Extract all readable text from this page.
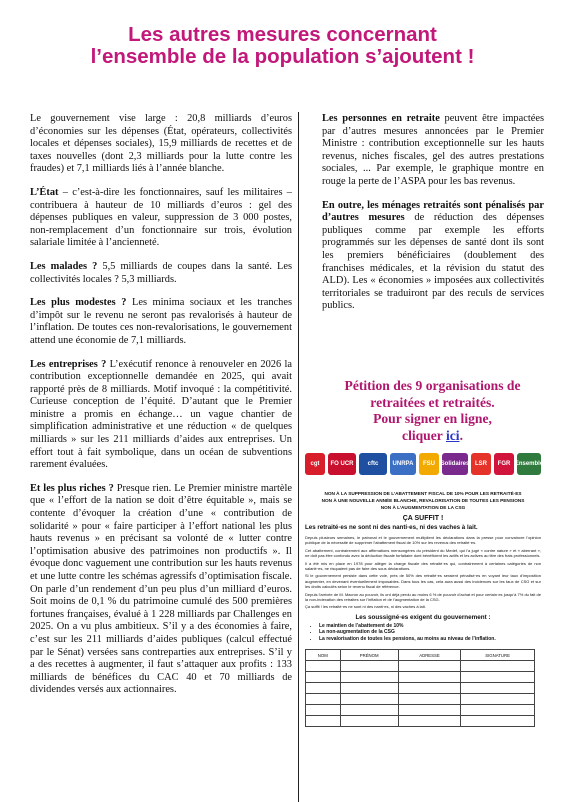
Les autres mesures concernant
l’ensemble de la population s’ajoutent !

Le gouvernement vise large : 20,8 milliards d’euros d’économies sur les dépenses (État, opérateurs, collectivités locales et dépenses sociales), 15,9 milliards de recettes et de taxes nouvelles (dont 2,3 milliards pour la lutte contre les fraudes) et 7,1 milliards liés à l’année blanche.

L’État – c’est-à-dire les fonctionnaires, sauf les militaires – contribuera à hauteur de 10 milliards d’euros : gel des dépenses publiques en valeur, suppression de 3 000 postes, non-remplacement d’un fonctionnaire sur trois, évolution salariale limitée à l’ancienneté.

Les malades ? 5,5 milliards de coupes dans la santé. Les collectivités locales ? 5,3 milliards.

Les plus modestes ? Les minima sociaux et les tranches d’impôt sur le revenu ne seront pas revalorisés à hauteur de l’inflation. De toutes ces non-revalorisations, le gouvernement attend une économie de 7,1 milliards.

Les entreprises ? L’exécutif renonce à renouveler en 2026 la contribution exceptionnelle demandée en 2025, qui avait rapporté près de 8 milliards. Motif invoqué : la compétitivité. Curieuse conception de l’équité. D’autant que le Premier ministre a promis en échange… un vague chantier de simplification administrative et une réduction « de quelques milliards » sur les 211 milliards d’aides aux entreprises. Un effort tout à fait symbolique, dans un océan de subventions rarement évaluées.

Et les plus riches ? Presque rien. Le Premier ministre martèle que « l’effort de la nation se doit d’être équitable », mais se contente d’évoquer la création d’une « contribution de solidarité » pour « faire participer à l’effort national les plus hauts revenus » en précisant sa volonté de « lutter contre l’optimisation abusive des patrimoines non productifs ». Il évoque donc vaguement une contribution sur les hauts revenus et une lutte contre les schémas agressifs d’optimisation fiscale. On parle d’un rendement d’un peu plus d’un milliard d’euros. Soit moins de 0,1 % du patrimoine cumulé des 500 premières fortunes françaises, évalué à 1 228 milliards par Challenges en 2025. On a vu plus ambitieux. S’il y a des économies à faire, c’est sur les 211 milliards d’aides publiques (calcul effectué par le Sénat) versées sans contreparties aux entreprises. S’il y a des recettes à augmenter, il faut s’attaquer aux profits : 133 milliards de bénéfices du CAC 40 et 70 milliards de dividendes versés aux actionnaires.

Les personnes en retraite peuvent être impactées par d’autres mesures annoncées par le Premier Ministre : contribution exceptionnelle sur les hauts revenus, niches fiscales, gel des autres prestations sociales, ... Par exemple, le graphique montre en rouge la perte de l’ASPA pour les bas revenus.

En outre, les ménages retraités sont pénalisés par d’autres mesures de réduction des dépenses publiques comme par exemple les efforts programmés sur les dépenses de santé dont ils sont les premiers bénéficiaires (doublement des franchises médicales, et la révision du statut des ALD). Les « économies » imposées aux collectivités territoriales se traduiront par des reculs de services publics.

Pétition des 9 organisations de
retraitées et retraités.
Pour signer en ligne,
cliquer ici.
cgt	FO UCR	cftc	UNRPA	FSU Solidaires LSR	FGR Ensemble
NON À LA SUPPRESSION DE L’ABATTEMENT FISCAL DE 10% POUR LES RETRAITÉ·ES
NON À UNE NOUVELLE ANNÉE BLANCHE, REVALORISATION DE TOUTES LES PENSIONS
NON À L’AUGMENTATION DE LA CSG
ÇA SUFFIT !
Les retraité·es ne sont ni des nanti·es, ni des vaches à lait.

Depuis plusieurs semaines, le patronat et le gouvernement multiplient les déclarations dans la presse pour convaincre l’opinion publique de la nécessité de supprimer l’abattement fiscal de 10% sur les revenus des retraité·es.

Cet abattement, contrairement aux affirmations mensongères du président du Medef, qui l’a jugé « contre nature » et « aberrant », ne doit pas être confondu avec la déduction fiscale forfaitaire dont bénéficient les actifs et les actives au titre des frais professionnels.

Il a été mis en place en 1978 pour alléger la charge fiscale des retraité·es qui, contrairement à certaines catégories de non salarié·es, ne risquaient pas de faire des sous déclarations.

Si le gouvernement persiste dans cette voie, près de 50% des retraité·es seraient pénalisé·es en voyant leur taux d’imposition augmenter, en devenant éventuellement imposables. Dans tous les cas, cela aura aussi des incidences sur les taux de CSG et sur les droits calculés selon le revenu fiscal de référence.

Depuis l’arrivée de M. Macron au pouvoir, ils ont déjà perdu au moins 6 % de pouvoir d’achat et pour certain·es jusqu’à 7% du fait de la non-indexation des retraites sur l’inflation et de l’augmentation de la CSG.

Ça suffit ! les retraité·es ne sont ni des nanti·es, ni des vaches à lait.

Les soussigné·es exigent du gouvernement :
• Le maintien de l’abattement de 10%
• La non-augmentation de la CSG
• La revalorisation de toutes les pensions, au moins au niveau de l’inflation.
NOM	PRÉNOM	ADRESSE	SIGNATURE
